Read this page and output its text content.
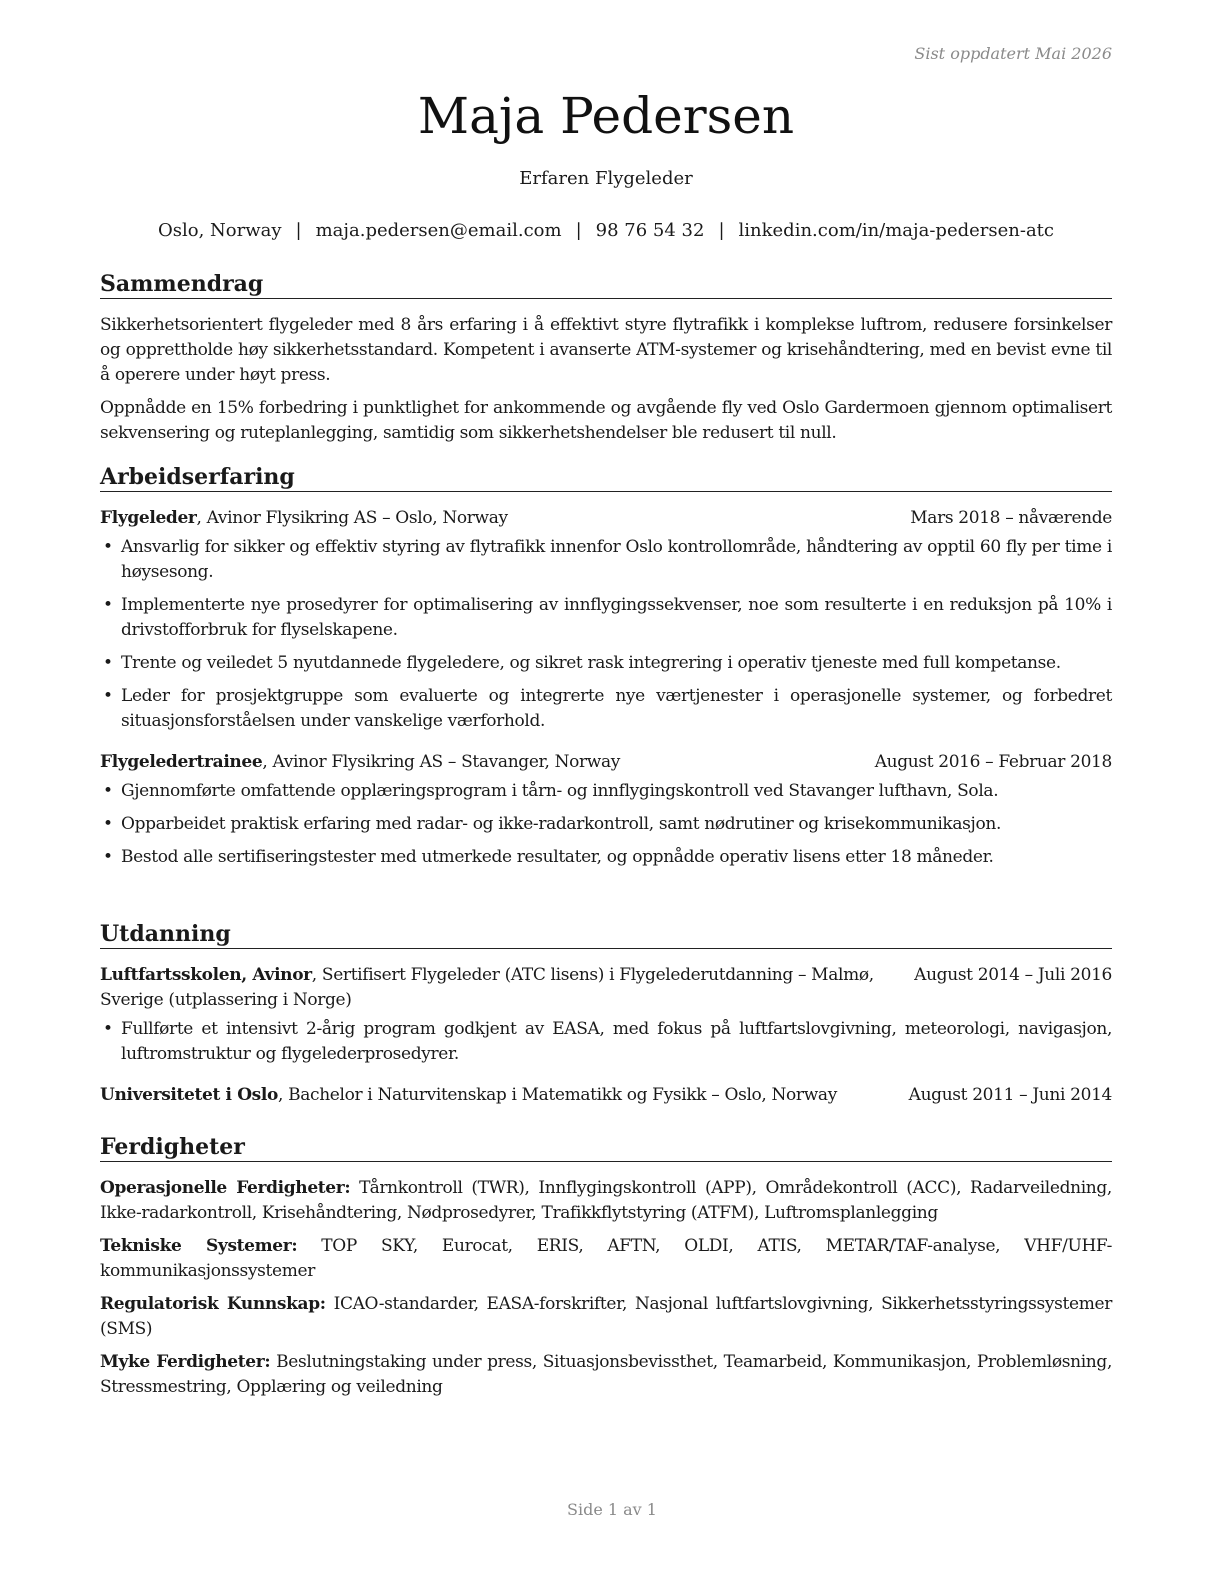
Sist oppdatert Mai 2026
Maja Pedersen
Erfaren Flygeleder
Oslo, Norway | maja.pedersen@email.com | 98 76 54 32 | linkedin.com/in/maja-pedersen-atc
Sammendrag

Sikkerhetsorientert flygeleder med 8 års erfaring i å effektivt styre flytrafikk i komplekse luftrom, redusere forsinkelser og opprettholde høy sikkerhetsstandard. Kompetent i avanserte ATM-systemer og krisehåndtering, med en bevist evne til å operere under høyt press.

Oppnådde en 15% forbedring i punktlighet for ankommende og avgående fly ved Oslo Gardermoen gjennom optimalisert sekvensering og ruteplanlegging, samtidig som sikkerhetshendelser ble redusert til null.

Arbeidserfaring
Flygeleder, Avinor Flysikring AS – Oslo, Norway	Mars 2018 – nåværende
• Ansvarlig for sikker og effektiv styring av flytrafikk innenfor Oslo kontrollområde, håndtering av opptil 60 fly per time i høysesong.
• Implementerte nye prosedyrer for optimalisering av innflygingssekvenser, noe som resulterte i en reduksjon på 10% i drivstofforbruk for flyselskapene.
• Trente og veiledet 5 nyutdannede flygeledere, og sikret rask integrering i operativ tjeneste med full kompetanse.
• Leder for prosjektgruppe som evaluerte og integrerte nye værtjenester i operasjonelle systemer, og forbedret situasjonsforståelsen under vanskelige værforhold.
Flygeledertrainee, Avinor Flysikring AS – Stavanger, Norway	August 2016 – Februar 2018
• Gjennomførte omfattende opplæringsprogram i tårn- og innflygingskontroll ved Stavanger lufthavn, Sola.
• Opparbeidet praktisk erfaring med radar- og ikke-radarkontroll, samt nødrutiner og krisekommunikasjon.
• Bestod alle sertifiseringstester med utmerkede resultater, og oppnådde operativ lisens etter 18 måneder.
Utdanning
Luftfartsskolen, Avinor, Sertifisert Flygeleder (ATC lisens) i Flygelederutdanning – Malmø, Sverige (utplassering i Norge)
August 2014 – Juli 2016
• Fullførte et intensivt 2-årig program godkjent av EASA, med fokus på luftfartslovgivning, meteorologi, navigasjon, luftromstruktur og flygelederprosedyrer.
Universitetet i Oslo, Bachelor i Naturvitenskap i Matematikk og Fysikk – Oslo, Norway	August 2011 – Juni 2014
Ferdigheter

Operasjonelle Ferdigheter: Tårnkontroll (TWR), Innflygingskontroll (APP), Områdekontroll (ACC), Radarveiledning, Ikke-radarkontroll, Krisehåndtering, Nødprosedyrer, Trafikkflytstyring (ATFM), Luftromsplanlegging

Tekniske Systemer: TOP SKY, Eurocat, ERIS, AFTN, OLDI, ATIS, METAR/TAF-analyse, VHF/UHF-kommunikasjonssystemer

Regulatorisk Kunnskap: ICAO-standarder, EASA-forskrifter, Nasjonal luftfartslovgivning, Sikkerhetsstyringssystemer (SMS)

Myke Ferdigheter: Beslutningstaking under press, Situasjonsbevissthet, Teamarbeid, Kommunikasjon, Problemløsning, Stressmestring, Opplæring og veiledning

Side 1 av 1
